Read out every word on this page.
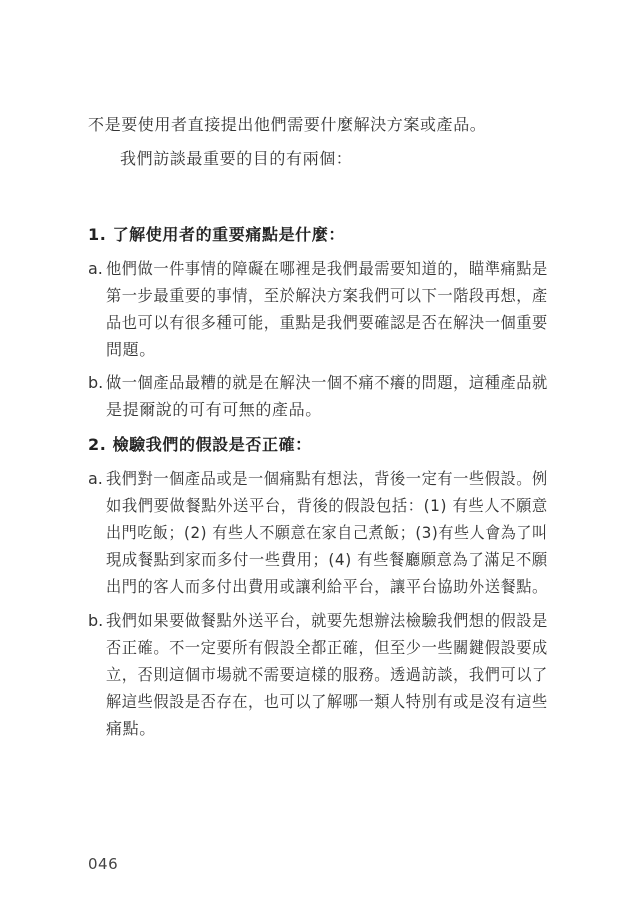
不是要使用者直接提出他們需要什麼解決方案或產品。
我們訪談最重要的目的有兩個：
1. 了解使用者的重要痛點是什麼：
a. 他們做一件事情的障礙在哪裡是我們最需要知道的，瞄準痛點是
第一步最重要的事情，至於解決方案我們可以下一階段再想，產
品也可以有很多種可能，重點是我們要確認是否在解決一個重要
問題。
b. 做一個產品最糟的就是在解決一個不痛不癢的問題，這種產品就
是提爾說的可有可無的產品。
2. 檢驗我們的假設是否正確：
a. 我們對一個產品或是一個痛點有想法，背後一定有一些假設。例
如我們要做餐點外送平台，背後的假設包括：(1) 有些人不願意
出門吃飯；(2) 有些人不願意在家自己煮飯；(3)有些人會為了叫
現成餐點到家而多付一些費用；(4) 有些餐廳願意為了滿足不願
出門的客人而多付出費用或讓利給平台，讓平台協助外送餐點。
b. 我們如果要做餐點外送平台，就要先想辦法檢驗我們想的假設是
否正確。不一定要所有假設全都正確，但至少一些關鍵假設要成
立，否則這個市場就不需要這樣的服務。透過訪談，我們可以了
解這些假設是否存在，也可以了解哪一類人特別有或是沒有這些
痛點。
046
